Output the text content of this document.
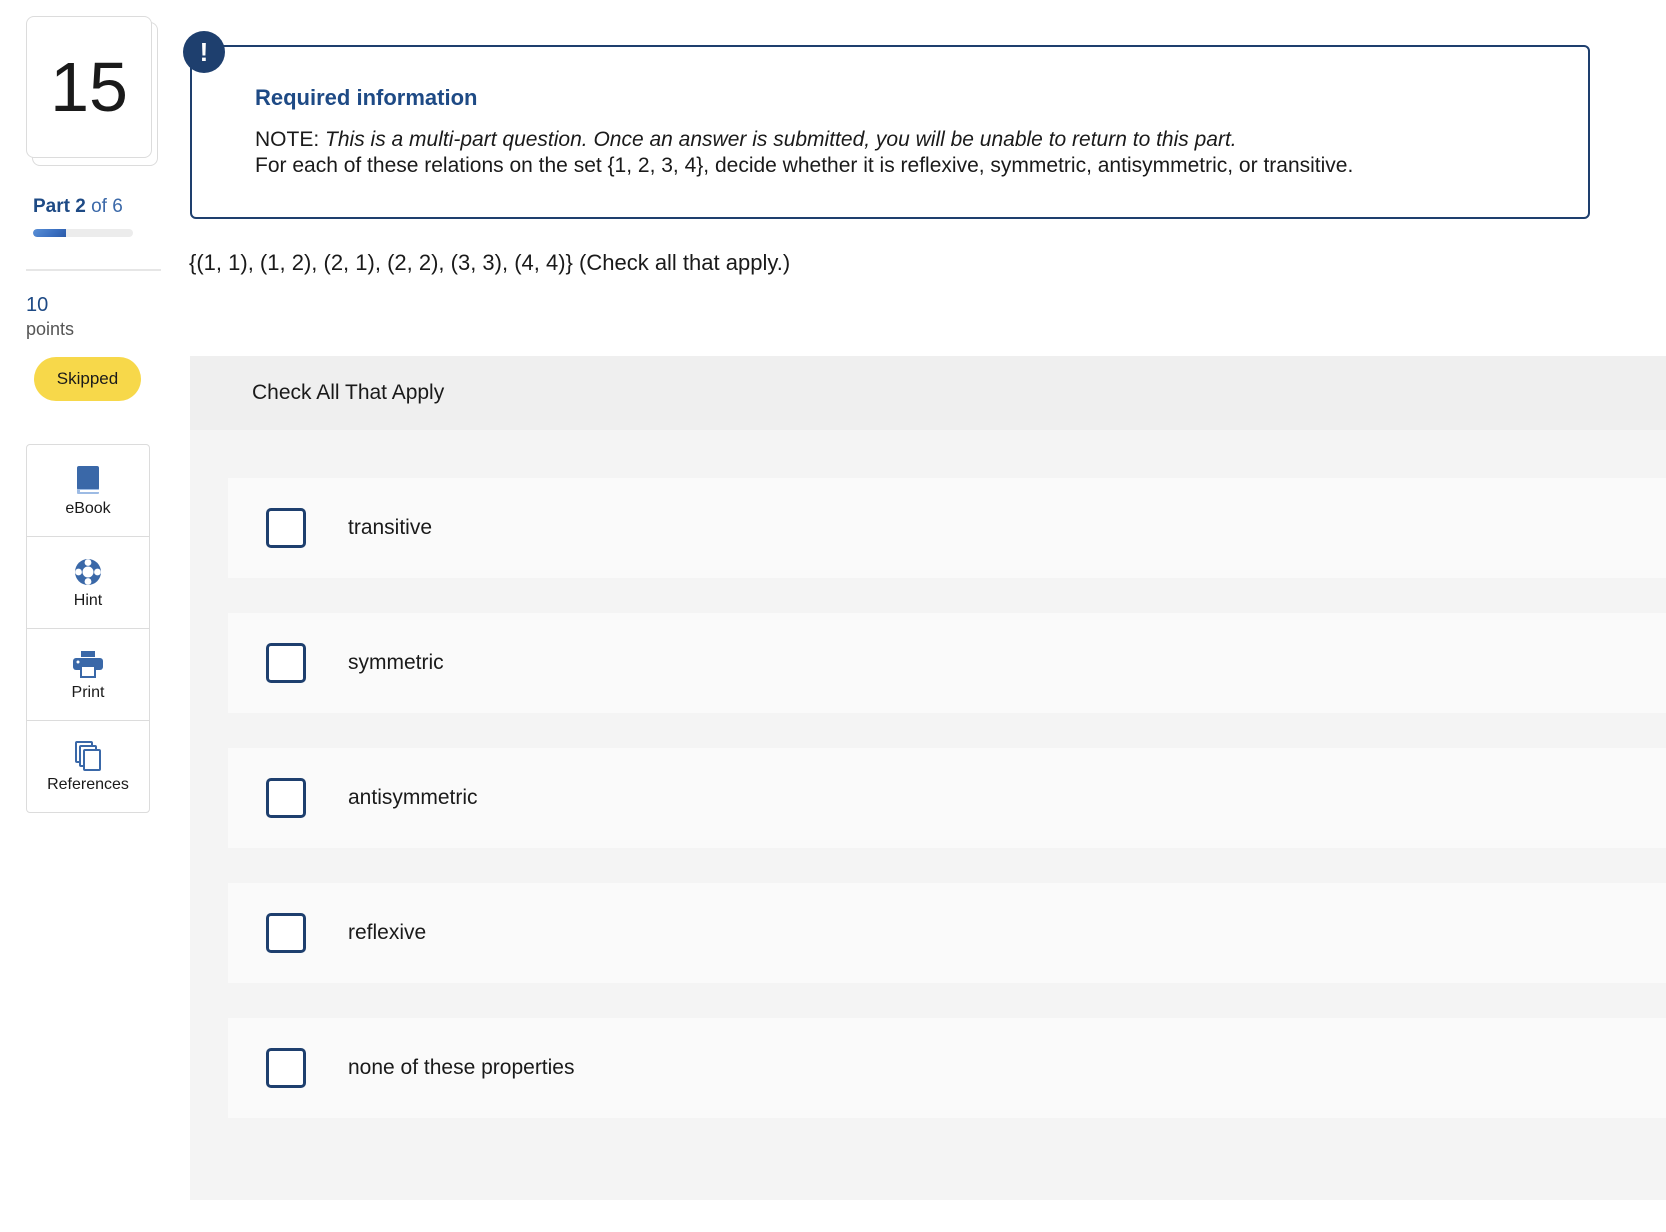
15
Part 2 of 6
10
points
Skipped
eBook
Hint
Print
References
Required information
NOTE: This is a multi-part question. Once an answer is submitted, you will be unable to return to this part.
For each of these relations on the set {1, 2, 3, 4}, decide whether it is reflexive, symmetric, antisymmetric, or transitive.
!
{(1, 1), (1, 2), (2, 1), (2, 2), (3, 3), (4, 4)} (Check all that apply.)
Check All That Apply
transitive
symmetric
antisymmetric
reflexive
none of these properties
